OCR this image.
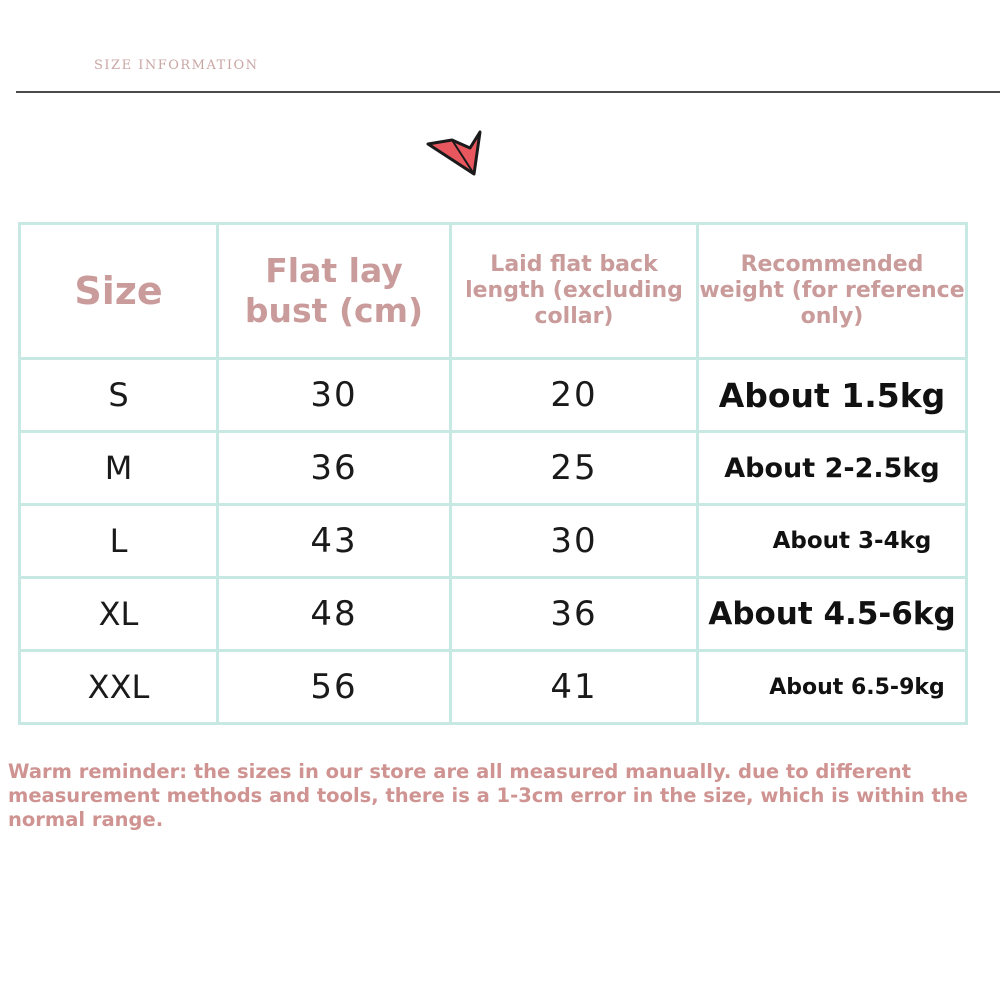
SIZE INFORMATION
Size	Flat lay bust (cm)	Laid flat back length (excluding collar)	Recommended weight (for reference only)
S	30	20	About 1.5kg
M	36	25	About 2-2.5kg
L	43	30	About 3-4kg
XL	48	36	About 4.5-6kg
XXL	56	41	About 6.5-9kg
Warm reminder: the sizes in our store are all measured manually. due to different measurement methods and tools, there is a 1-3cm error in the size, which is within the normal range.
